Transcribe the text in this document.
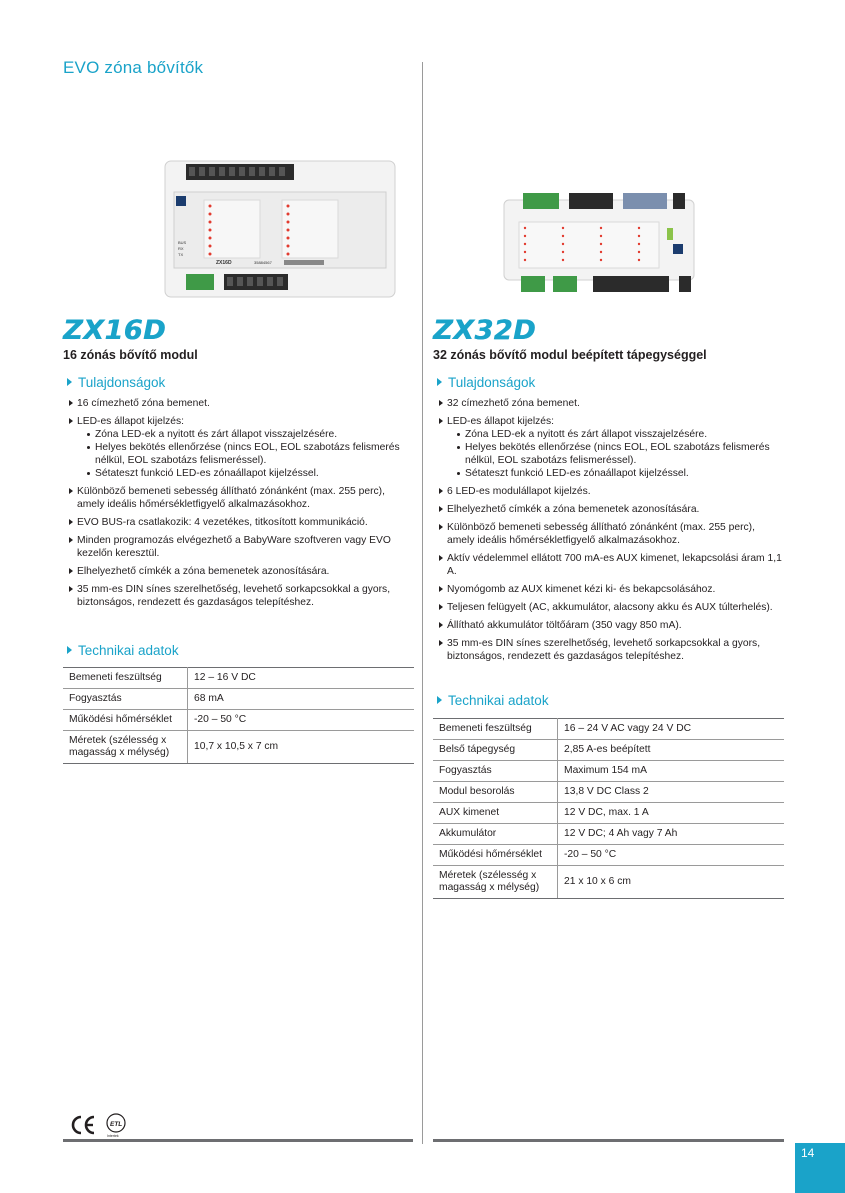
EVO zóna bővítők
BUS
RX
TX
ZX16D	35884567
ZX16D
16 zónás bővítő modul
Tulajdonságok
16 címezhető zóna bemenet.
LED-es állapot kijelzés:
Zóna LED-ek a nyitott és zárt állapot visszajelzésére.
Helyes bekötés ellenőrzése (nincs EOL, EOL szabotázs felismerés nélkül, EOL szabotázs felismeréssel).
Sétateszt funkció LED-es zónaállapot kijelzéssel.
Különböző bemeneti sebesség állítható zónánként (max. 255 perc), amely ideális hőmérsékletfigyelő alkalmazásokhoz.
EVO BUS-ra csatlakozik: 4 vezetékes, titkosított kommunikáció.
Minden programozás elvégezhető a BabyWare szoftveren vagy EVO kezelőn keresztül.
Elhelyezhető címkék a zóna bemenetek azonosítására.
35 mm-es DIN sínes szerelhetőség, levehető sorkapcsokkal a gyors, biztonságos, rendezett és gazdaságos telepítéshez.
Technikai adatok
Bemeneti feszültség	12 – 16 V DC
Fogyasztás	68 mA
Működési hőmérséklet	-20 – 50 °C
Méretek (szélesség x magasság x mélység)	10,7 x 10,5 x 7 cm
ZX32D
32 zónás bővítő modul beépített tápegységgel
Tulajdonságok
32 címezhető zóna bemenet.
LED-es állapot kijelzés:
Zóna LED-ek a nyitott és zárt állapot visszajelzésére.
Helyes bekötés ellenőrzése (nincs EOL, EOL szabotázs felismerés nélkül, EOL szabotázs felismeréssel).
Sétateszt funkció LED-es zónaállapot kijelzéssel.
6 LED-es modulállapot kijelzés.
Elhelyezhető címkék a zóna bemenetek azonosítására.
Különböző bemeneti sebesség állítható zónánként (max. 255 perc), amely ideális hőmérsékletfigyelő alkalmazásokhoz.
Aktív védelemmel ellátott 700 mA-es AUX kimenet, lekapcsolási áram 1,1 A.
Nyomógomb az AUX kimenet kézi ki- és bekapcsolásához.
Teljesen felügyelt (AC, akkumulátor, alacsony akku és AUX túlterhelés).
Állítható akkumulátor töltőáram (350 vagy 850 mA).
35 mm-es DIN sínes szerelhetőség, levehető sorkapcsokkal a gyors, biztonságos, rendezett és gazdaságos telepítéshez.
Technikai adatok
Bemeneti feszültség	16 – 24 V AC vagy 24 V DC
Belső tápegység	2,85 A-es beépített
Fogyasztás	Maximum 154 mA
Modul besorolás	13,8 V DC Class 2
AUX kimenet	12 V DC, max. 1 A
Akkumulátor	12 V DC; 4 Ah vagy 7 Ah
Működési hőmérséklet	-20 – 50 °C
Méretek (szélesség x magasság x mélység)	21 x 10 x 6 cm
ETL
Intertek
14
